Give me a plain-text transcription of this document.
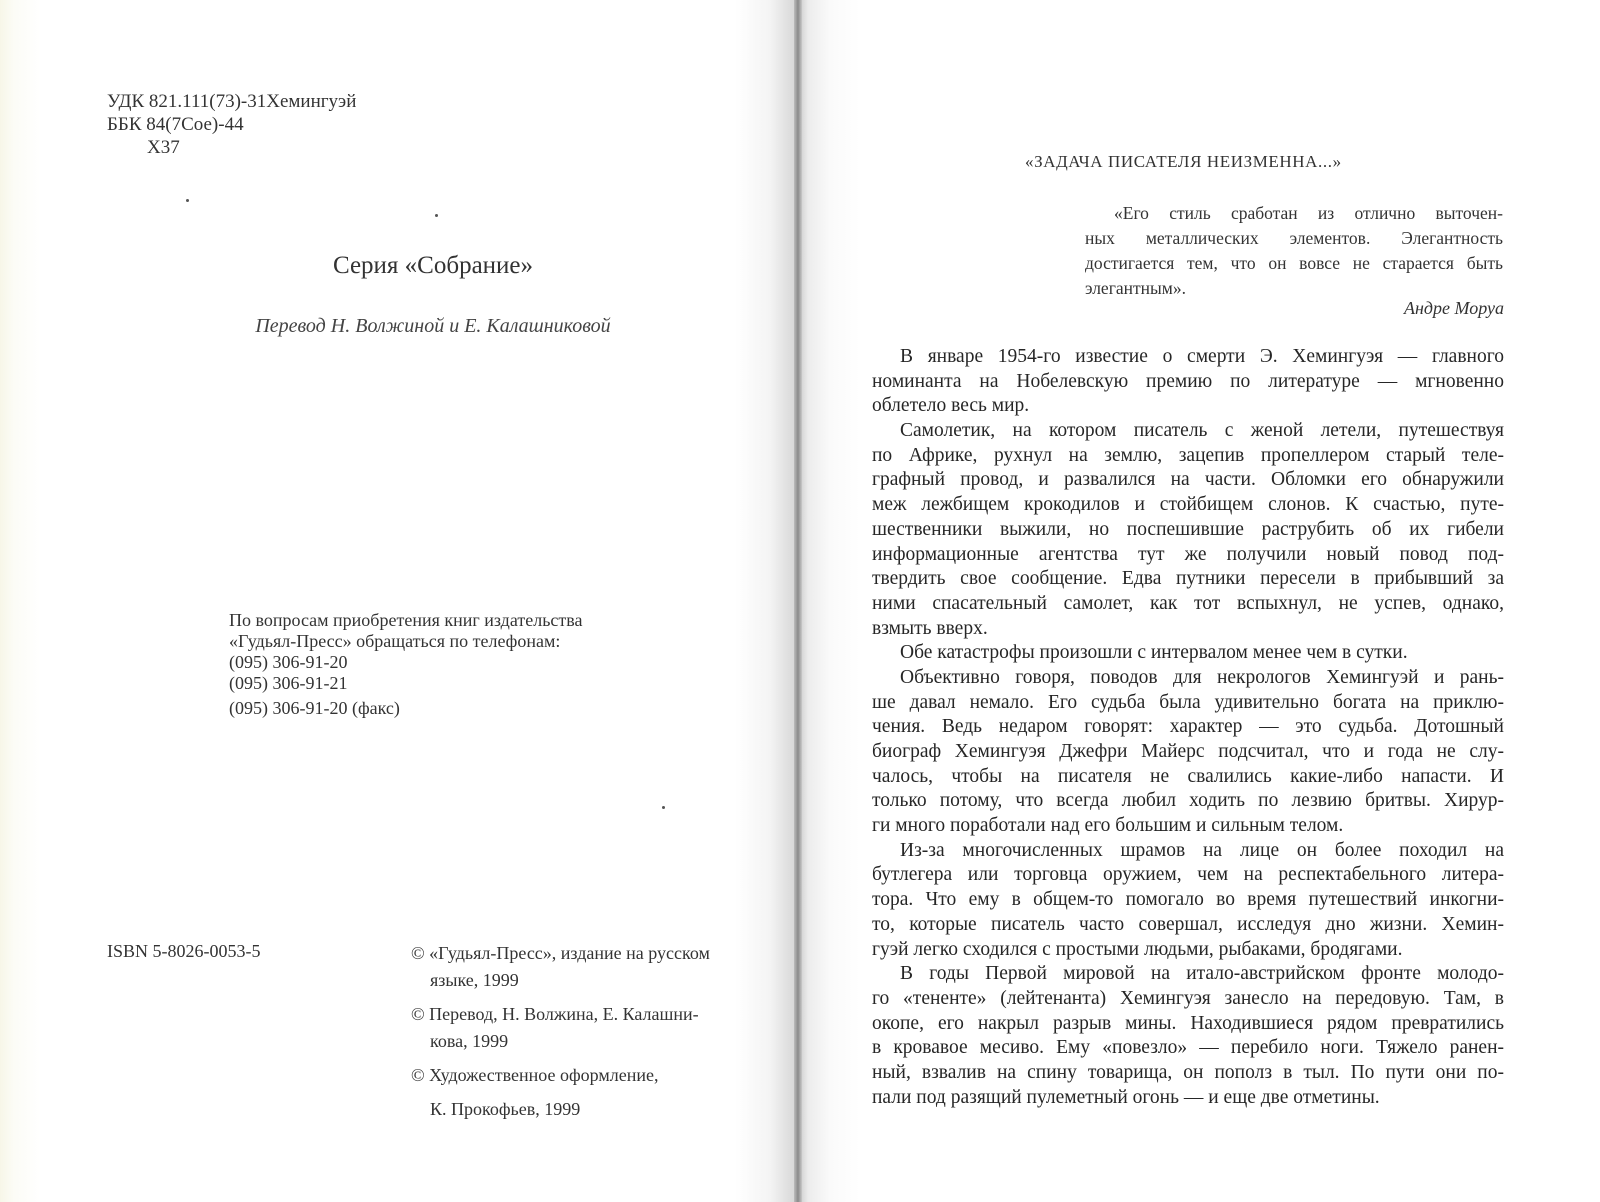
УДК 821.111(73)-31Хемингуэй
ББК 84(7Сое)-44
Х37
Серия «Собрание»
Перевод Н. Волжиной и Е. Калашниковой
По вопросам приобретения книг издательства
«Гудьял-Пресс» обращаться по телефонам:
(095) 306-91-20
(095) 306-91-21
(095) 306-91-20 (факс)
ISBN 5-8026-0053-5	© «Гудьял-Пресс», издание на русском
языке, 1999
© Перевод, Н. Волжина, Е. Калашни-
кова, 1999
© Художественное оформление,
К. Прокофьев, 1999
«ЗАДАЧА ПИСАТЕЛЯ НЕИЗМЕННА...»
«Его стиль сработан из отлично выточен-
ных металлических элементов. Элегантность
достигается тем, что он вовсе не старается быть
элегантным».
Андре Моруа
В январе 1954-го известие о смерти Э. Хемингуэя — главного
номинанта на Нобелевскую премию по литературе — мгновенно
облетело весь мир.
Самолетик, на котором писатель с женой летели, путешествуя
по Африке, рухнул на землю, зацепив пропеллером старый теле-
графный провод, и развалился на части. Обломки его обнаружили
меж лежбищем крокодилов и стойбищем слонов. К счастью, путе-
шественники выжили, но поспешившие раструбить об их гибели
информационные агентства тут же получили новый повод под-
твердить свое сообщение. Едва путники пересели в прибывший за
ними спасательный самолет, как тот вспыхнул, не успев, однако,
взмыть вверх.
Обе катастрофы произошли с интервалом менее чем в сутки.
Объективно говоря, поводов для некрологов Хемингуэй и рань-
ше давал немало. Его судьба была удивительно богата на приклю-
чения. Ведь недаром говорят: характер — это судьба. Дотошный
биограф Хемингуэя Джефри Майерс подсчитал, что и года не слу-
чалось, чтобы на писателя не свалились какие-либо напасти. И
только потому, что всегда любил ходить по лезвию бритвы. Хирур-
ги много поработали над его большим и сильным телом.
Из-за многочисленных шрамов на лице он более походил на
бутлегера или торговца оружием, чем на респектабельного литера-
тора. Что ему в общем-то помогало во время путешествий инкогни-
то, которые писатель часто совершал, исследуя дно жизни. Хемин-
гуэй легко сходился с простыми людьми, рыбаками, бродягами.
В годы Первой мировой на итало-австрийском фронте молодо-
го «тененте» (лейтенанта) Хемингуэя занесло на передовую. Там, в
окопе, его накрыл разрыв мины. Находившиеся рядом превратились
в кровавое месиво. Ему «повезло» — перебило ноги. Тяжело ранен-
ный, взвалив на спину товарища, он пополз в тыл. По пути они по-
пали под разящий пулеметный огонь — и еще две отметины.
